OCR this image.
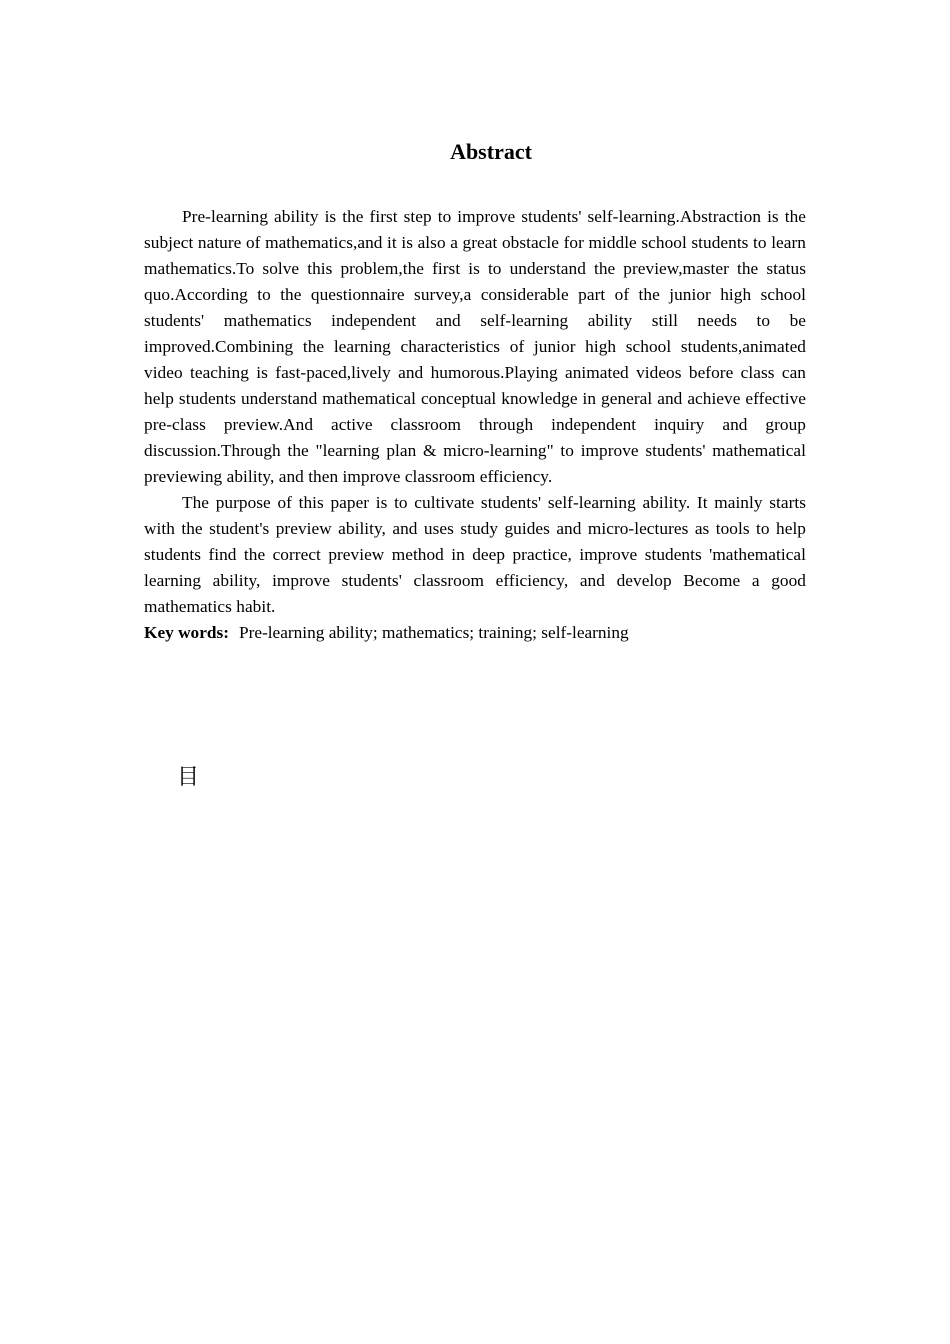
Abstract

Pre-learning ability is the first step to improve students' self-learning.Abstraction is the subject nature of mathematics,and it is also a great obstacle for middle school students to learn mathematics.To solve this problem,the first is to understand the preview,master the status quo.According to the questionnaire survey,a considerable part of the junior high school students' mathematics independent and self-learning ability still needs to be improved.Combining the learning characteristics of junior high school students,animated video teaching is fast-paced,lively and humorous.Playing animated videos before class can help students understand mathematical conceptual knowledge in general and achieve effective pre-class preview.And active classroom through independent inquiry and group discussion.Through the "learning plan & micro-learning" to improve students' mathematical previewing ability, and then improve classroom efficiency.

The purpose of this paper is to cultivate students' self-learning ability. It mainly starts with the student's preview ability, and uses study guides and micro-lectures as tools to help students find the correct preview method in deep practice, improve students 'mathematical learning ability, improve students' classroom efficiency, and develop Become a good mathematics habit.

Key words: Pre-learning ability; mathematics; training; self-learning

目
